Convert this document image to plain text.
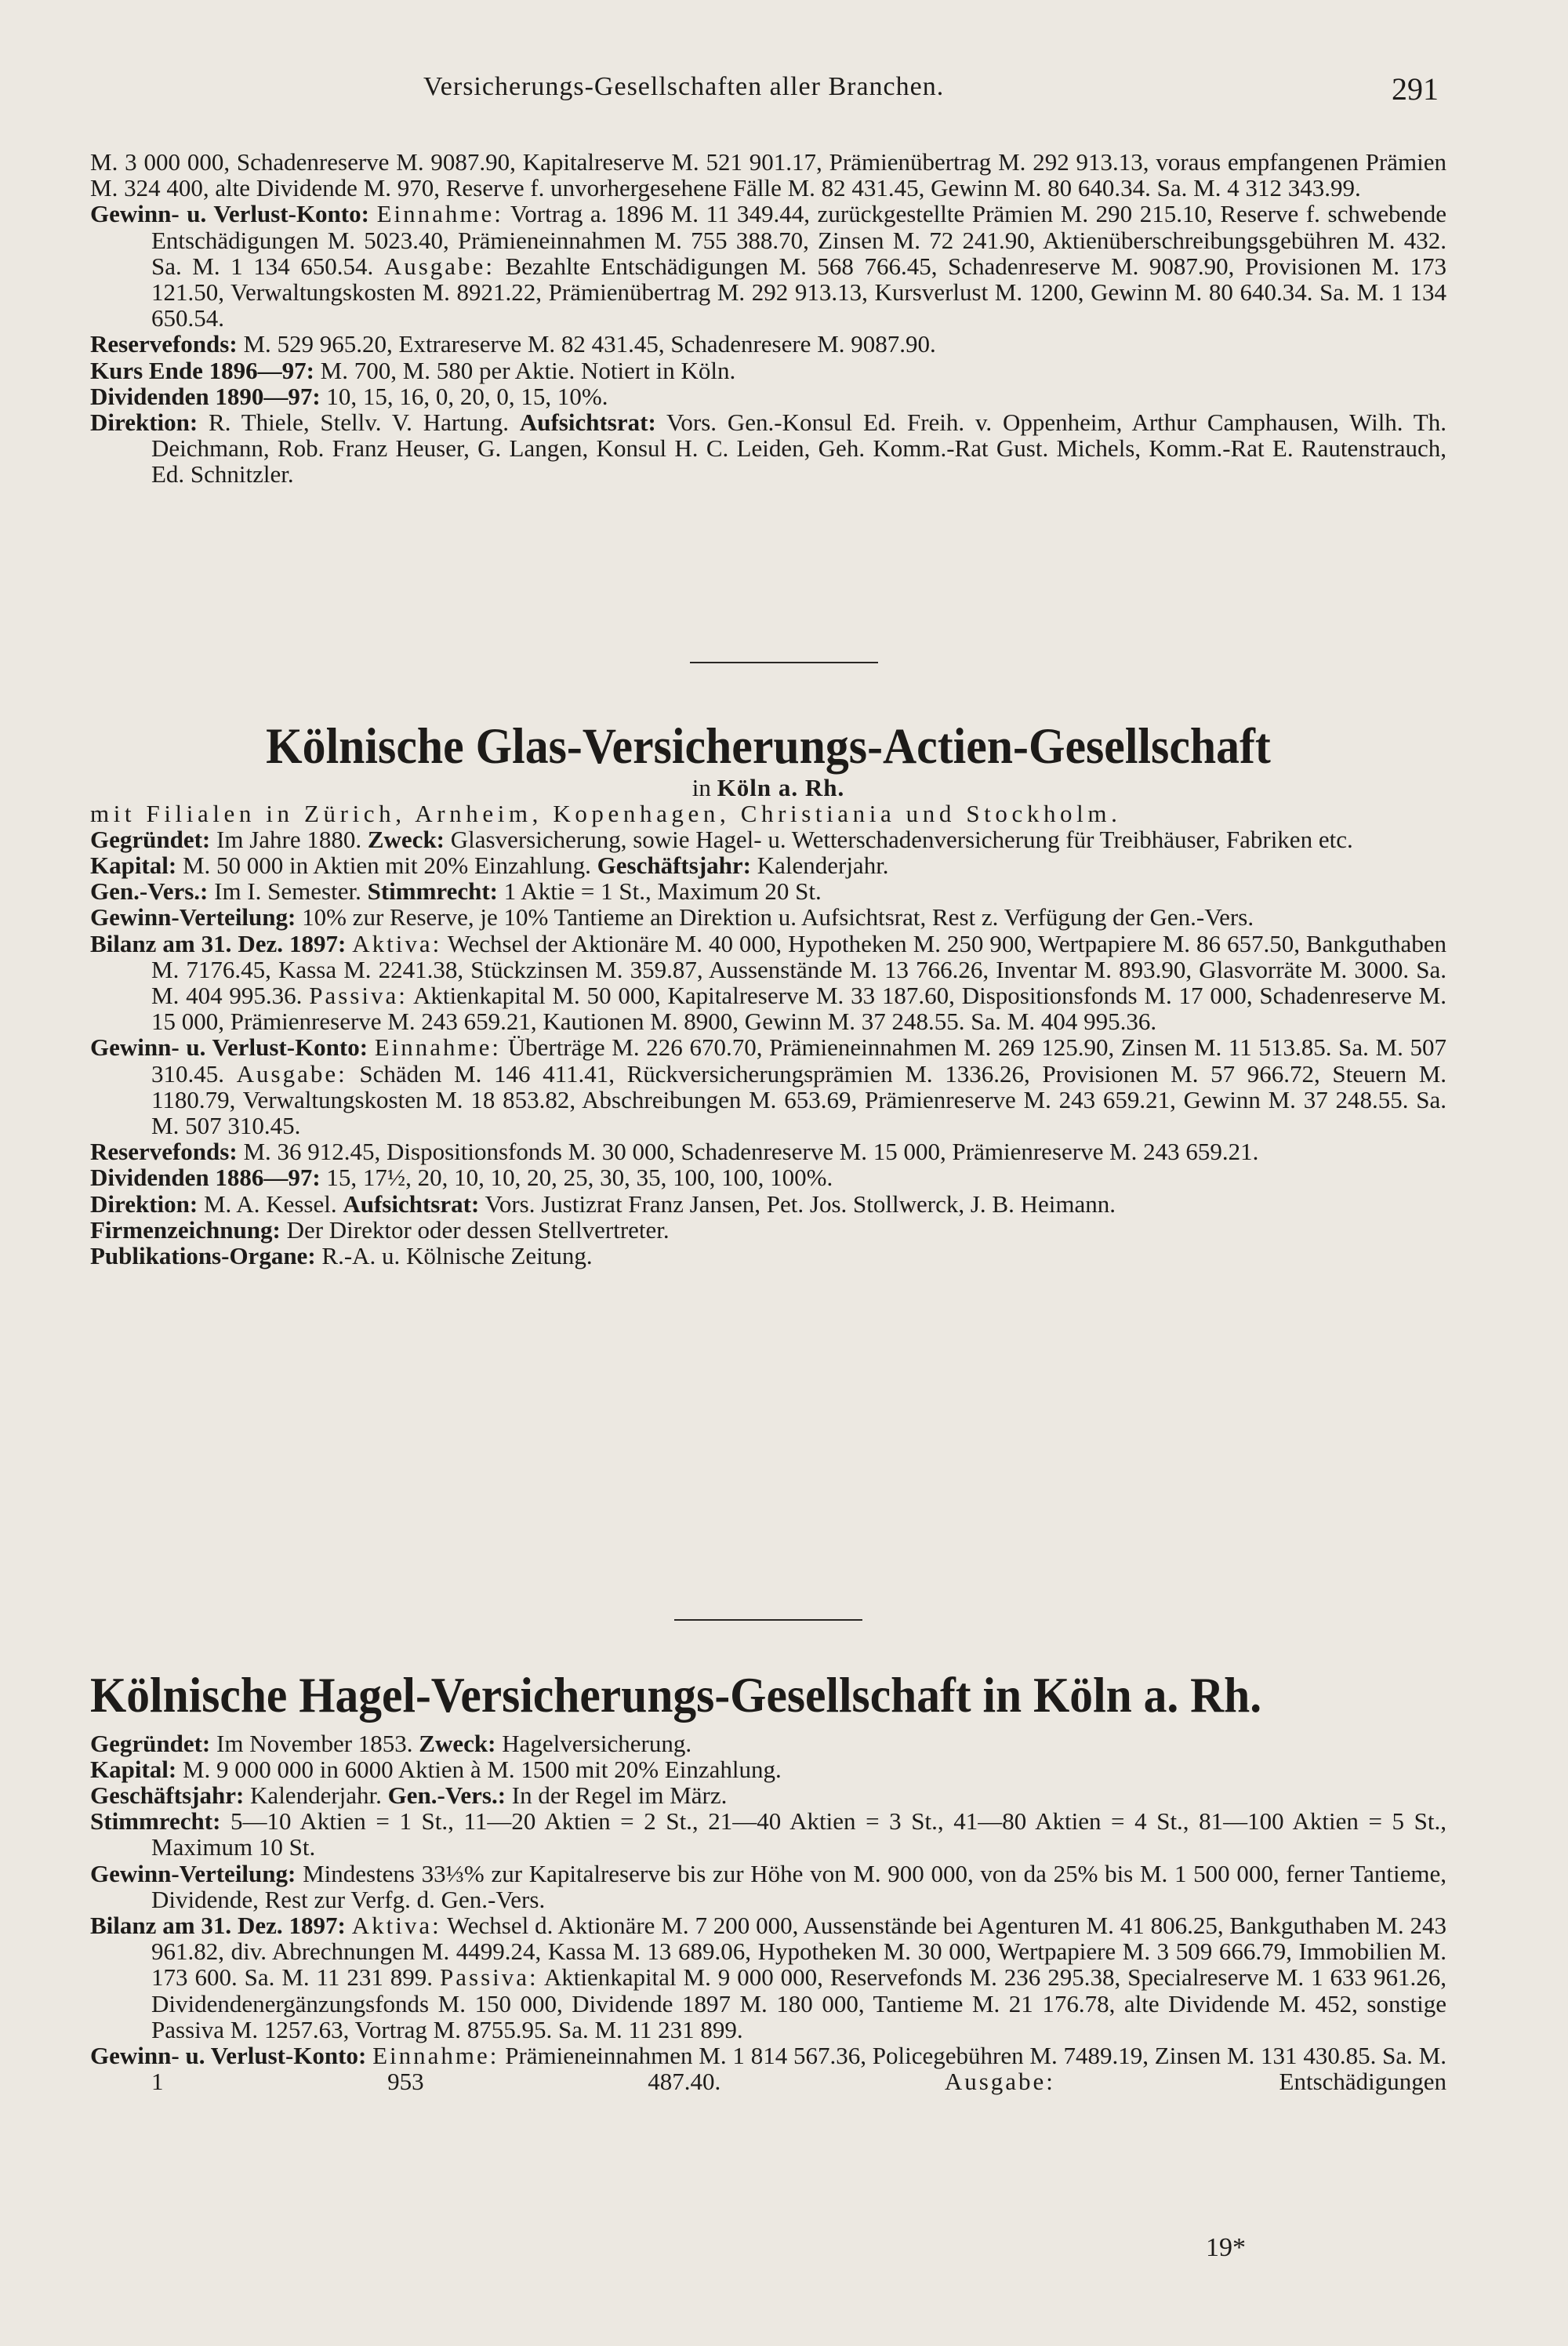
Versicherungs-Gesellschaften aller Branchen.	291

M. 3 000 000, Schadenreserve M. 9087.90, Kapitalreserve M. 521 901.17, Prämienübertrag M. 292 913.13, voraus empfangenen Prämien M. 324 400, alte Dividende M. 970, Reserve f. unvorhergesehene Fälle M. 82 431.45, Gewinn M. 80 640.34. Sa. M. 4 312 343.99.

Gewinn- u. Verlust-Konto: Einnahme: Vortrag a. 1896 M. 11 349.44, zurückgestellte Prämien M. 290 215.10, Reserve f. schwebende Entschädigungen M. 5023.40, Prämieneinnahmen M. 755 388.70, Zinsen M. 72 241.90, Aktienüberschreibungsgebühren M. 432. Sa. M. 1 134 650.54. Ausgabe: Bezahlte Entschädigungen M. 568 766.45, Schadenreserve M. 9087.90, Provisionen M. 173 121.50, Verwaltungskosten M. 8921.22, Prämienübertrag M. 292 913.13, Kursverlust M. 1200, Gewinn M. 80 640.34. Sa. M. 1 134 650.54.

Reservefonds: M. 529 965.20, Extrareserve M. 82 431.45, Schadenresere M. 9087.90.

Kurs Ende 1896—97: M. 700, M. 580 per Aktie. Notiert in Köln.

Dividenden 1890—97: 10, 15, 16, 0, 20, 0, 15, 10%.

Direktion: R. Thiele, Stellv. V. Hartung. Aufsichtsrat: Vors. Gen.-Konsul Ed. Freih. v. Oppenheim, Arthur Camphausen, Wilh. Th. Deichmann, Rob. Franz Heuser, G. Langen, Konsul H. C. Leiden, Geh. Komm.-Rat Gust. Michels, Komm.-Rat E. Rautenstrauch, Ed. Schnitzler.

Kölnische Glas-Versicherungs-Actien-Gesellschaft
in Köln a. Rh.

mit Filialen in Zürich, Arnheim, Kopenhagen, Christiania und Stockholm.

Gegründet: Im Jahre 1880. Zweck: Glasversicherung, sowie Hagel- u. Wetterschadenversicherung für Treibhäuser, Fabriken etc.

Kapital: M. 50 000 in Aktien mit 20% Einzahlung. Geschäftsjahr: Kalenderjahr.

Gen.-Vers.: Im I. Semester. Stimmrecht: 1 Aktie = 1 St., Maximum 20 St.

Gewinn-Verteilung: 10% zur Reserve, je 10% Tantieme an Direktion u. Aufsichtsrat, Rest z. Verfügung der Gen.-Vers.

Bilanz am 31. Dez. 1897: Aktiva: Wechsel der Aktionäre M. 40 000, Hypotheken M. 250 900, Wertpapiere M. 86 657.50, Bankguthaben M. 7176.45, Kassa M. 2241.38, Stückzinsen M. 359.87, Aussenstände M. 13 766.26, Inventar M. 893.90, Glasvorräte M. 3000. Sa. M. 404 995.36. Passiva: Aktienkapital M. 50 000, Kapitalreserve M. 33 187.60, Dispositionsfonds M. 17 000, Schadenreserve M. 15 000, Prämienreserve M. 243 659.21, Kautionen M. 8900, Gewinn M. 37 248.55. Sa. M. 404 995.36.

Gewinn- u. Verlust-Konto: Einnahme: Überträge M. 226 670.70, Prämieneinnahmen M. 269 125.90, Zinsen M. 11 513.85. Sa. M. 507 310.45. Ausgabe: Schäden M. 146 411.41, Rückversicherungsprämien M. 1336.26, Provisionen M. 57 966.72, Steuern M. 1180.79, Verwaltungskosten M. 18 853.82, Abschreibungen M. 653.69, Prämienreserve M. 243 659.21, Gewinn M. 37 248.55. Sa. M. 507 310.45.

Reservefonds: M. 36 912.45, Dispositionsfonds M. 30 000, Schadenreserve M. 15 000, Prämienreserve M. 243 659.21.

Dividenden 1886—97: 15, 17½, 20, 10, 10, 20, 25, 30, 35, 100, 100, 100%.

Direktion: M. A. Kessel. Aufsichtsrat: Vors. Justizrat Franz Jansen, Pet. Jos. Stollwerck, J. B. Heimann.

Firmenzeichnung: Der Direktor oder dessen Stellvertreter.

Publikations-Organe: R.-A. u. Kölnische Zeitung.

Kölnische Hagel-Versicherungs-Gesellschaft in Köln a. Rh.

Gegründet: Im November 1853. Zweck: Hagelversicherung.

Kapital: M. 9 000 000 in 6000 Aktien à M. 1500 mit 20% Einzahlung.

Geschäftsjahr: Kalenderjahr. Gen.-Vers.: In der Regel im März.

Stimmrecht: 5—10 Aktien = 1 St., 11—20 Aktien = 2 St., 21—40 Aktien = 3 St., 41—80 Aktien = 4 St., 81—100 Aktien = 5 St., Maximum 10 St.

Gewinn-Verteilung: Mindestens 33⅓% zur Kapitalreserve bis zur Höhe von M. 900 000, von da 25% bis M. 1 500 000, ferner Tantieme, Dividende, Rest zur Verfg. d. Gen.-Vers.

Bilanz am 31. Dez. 1897: Aktiva: Wechsel d. Aktionäre M. 7 200 000, Aussenstände bei Agenturen M. 41 806.25, Bankguthaben M. 243 961.82, div. Abrechnungen M. 4499.24, Kassa M. 13 689.06, Hypotheken M. 30 000, Wertpapiere M. 3 509 666.79, Immobilien M. 173 600. Sa. M. 11 231 899. Passiva: Aktienkapital M. 9 000 000, Reservefonds M. 236 295.38, Specialreserve M. 1 633 961.26, Dividendenergänzungsfonds M. 150 000, Dividende 1897 M. 180 000, Tantieme M. 21 176.78, alte Dividende M. 452, sonstige Passiva M. 1257.63, Vortrag M. 8755.95. Sa. M. 11 231 899.

Gewinn- u. Verlust-Konto: Einnahme: Prämieneinnahmen M. 1 814 567.36, Policegebühren M. 7489.19, Zinsen M. 131 430.85. Sa. M. 1 953 487.40.	Ausgabe:	Entschädigungen

19*
